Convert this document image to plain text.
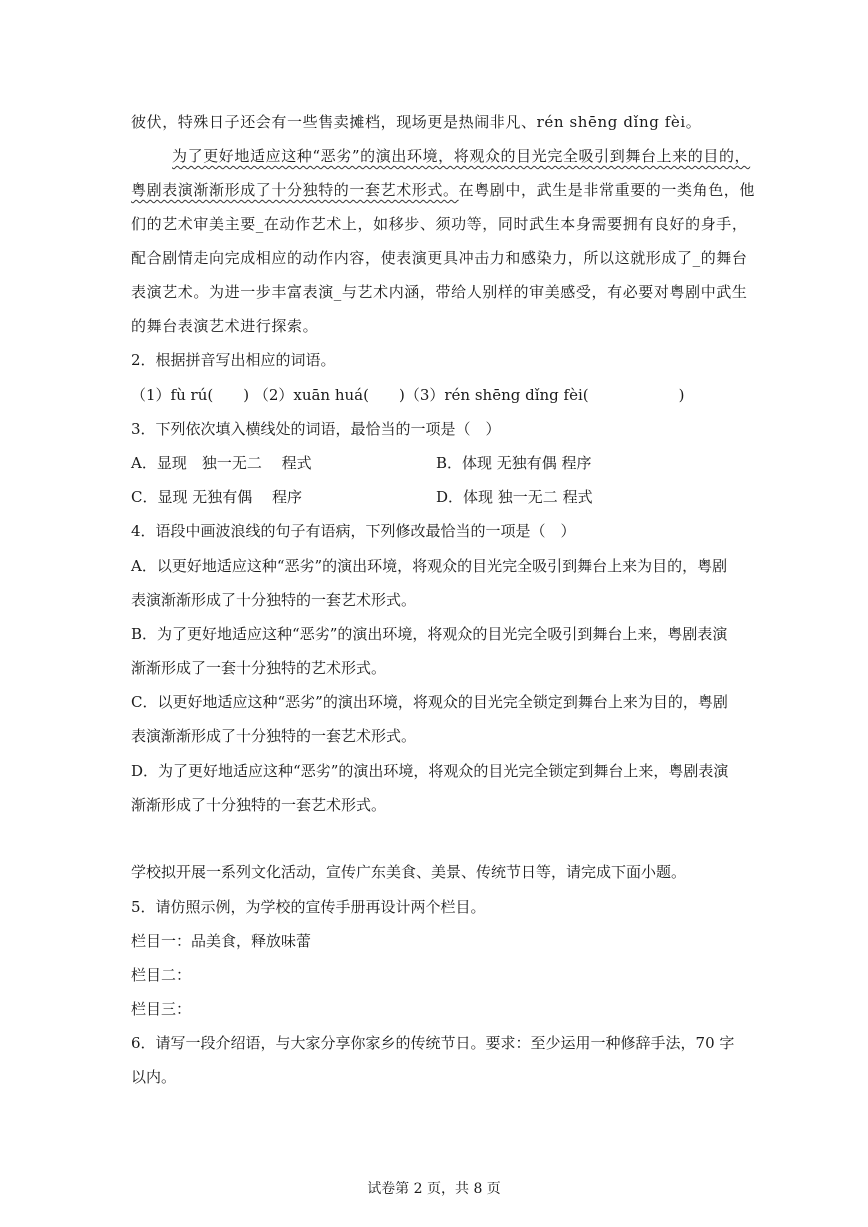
彼伏，特殊日子还会有一些售卖摊档，现场更是热闹非凡、rén shēng dǐng fèi。
为了更好地适应这种“恶劣”的演出环境，将观众的目光完全吸引到舞台上来的目的，
粤剧表演渐渐形成了十分独特的一套艺术形式。在粤剧中，武生是非常重要的一类角色，他
们的艺术审美主要_在动作艺术上，如移步、须功等，同时武生本身需要拥有良好的身手，
配合剧情走向完成相应的动作内容，使表演更具冲击力和感染力，所以这就形成了_的舞台
表演艺术。为进一步丰富表演_与艺术内涵，带给人别样的审美感受，有必要对粤剧中武生
的舞台表演艺术进行探索。
2．根据拼音写出相应的词语。
（1）fù rú(　　) （2）xuān huá(　　)（3）rén shēng dǐng fèi(　　　　　　)
3．下列依次填入横线处的词语，最恰当的一项是（　）
A．显现　独一无二　 程式	B．体现 无独有偶 程序
C．显现 无独有偶 　程序	D．体现 独一无二 程式
4．语段中画波浪线的句子有语病，下列修改最恰当的一项是（　）
A．以更好地适应这种“恶劣”的演出环境，将观众的目光完全吸引到舞台上来为目的，粤剧
表演渐渐形成了十分独特的一套艺术形式。
B．为了更好地适应这种“恶劣”的演出环境，将观众的目光完全吸引到舞台上来，粤剧表演
渐渐形成了一套十分独特的艺术形式。
C．以更好地适应这种“恶劣”的演出环境，将观众的目光完全锁定到舞台上来为目的，粤剧
表演渐渐形成了十分独特的一套艺术形式。
D．为了更好地适应这种“恶劣”的演出环境，将观众的目光完全锁定到舞台上来，粤剧表演
渐渐形成了十分独特的一套艺术形式。
学校拟开展一系列文化活动，宣传广东美食、美景、传统节日等，请完成下面小题。
5．请仿照示例，为学校的宣传手册再设计两个栏目。
栏目一：品美食，释放味蕾
栏目二：
栏目三：
6．请写一段介绍语，与大家分享你家乡的传统节日。要求：至少运用一种修辞手法，70 字
以内。
试卷第 2 页，共 8 页
